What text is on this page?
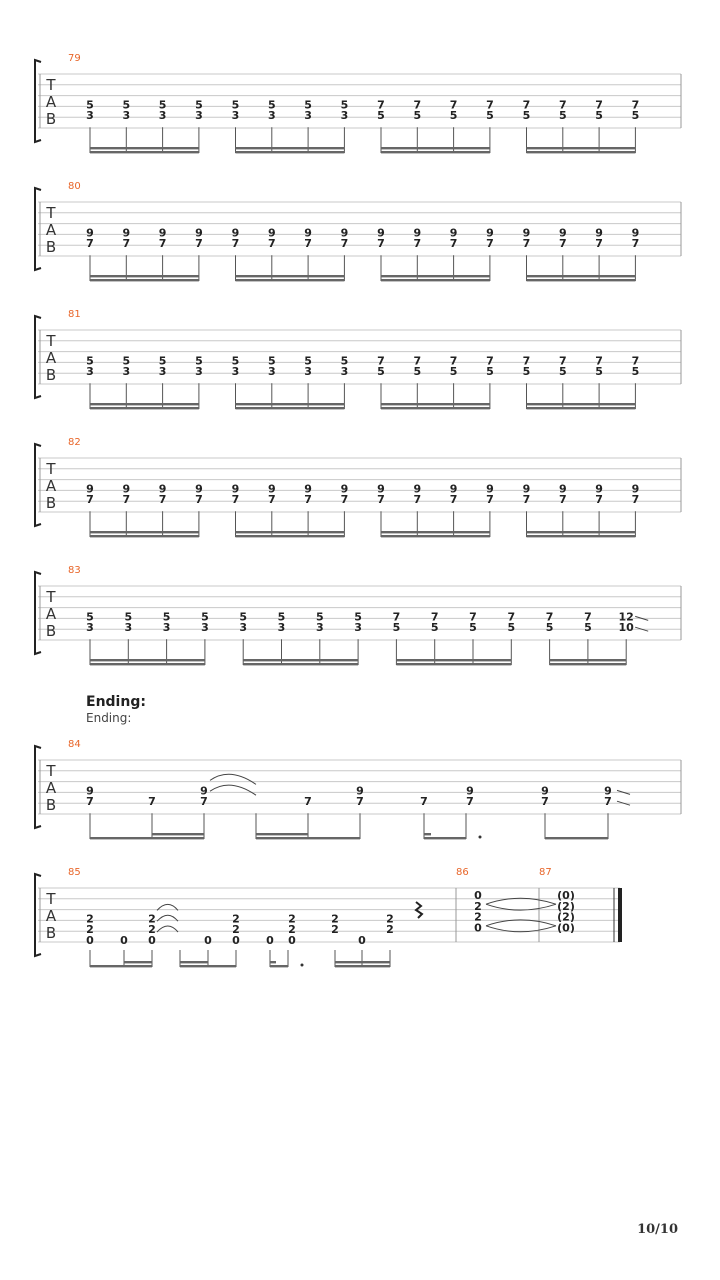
T
A
B
79
5
3
5
3
5
3
5
3
5
3
5
3
5
3
5
3
7
5
7
5
7
5
7
5
7
5
7
5
7
5
7
5
T
A
B
80
9
7
9
7
9
7
9
7
9
7
9
7
9
7
9
7
9
7
9
7
9
7
9
7
9
7
9
7
9
7
9
7
T
A
B
81
5
3
5
3
5
3
5
3
5
3
5
3
5
3
5
3
7
5
7
5
7
5
7
5
7
5
7
5
7
5
7
5
T
A
B
82
9
7
9
7
9
7
9
7
9
7
9
7
9
7
9
7
9
7
9
7
9
7
9
7
9
7
9
7
9
7
9
7
T
A
B
83
5
3
5
3
5
3
5
3
5
3
5
3
5
3
5
3
7
5
7
5
7
5
7
5
7
5
7
5
12
10
T
A
B
84
9
7	7
9
7	7
9
7	7
9
7
9
7
9
7
T
A
B
85
2
2
0 0
2
2
0	0
2
2
0 0
2
2
0
2
2
0
2
2
86	87
0
2
2
0
(0)
(2)
(2)
(0)
Ending:
Ending:
10/10
